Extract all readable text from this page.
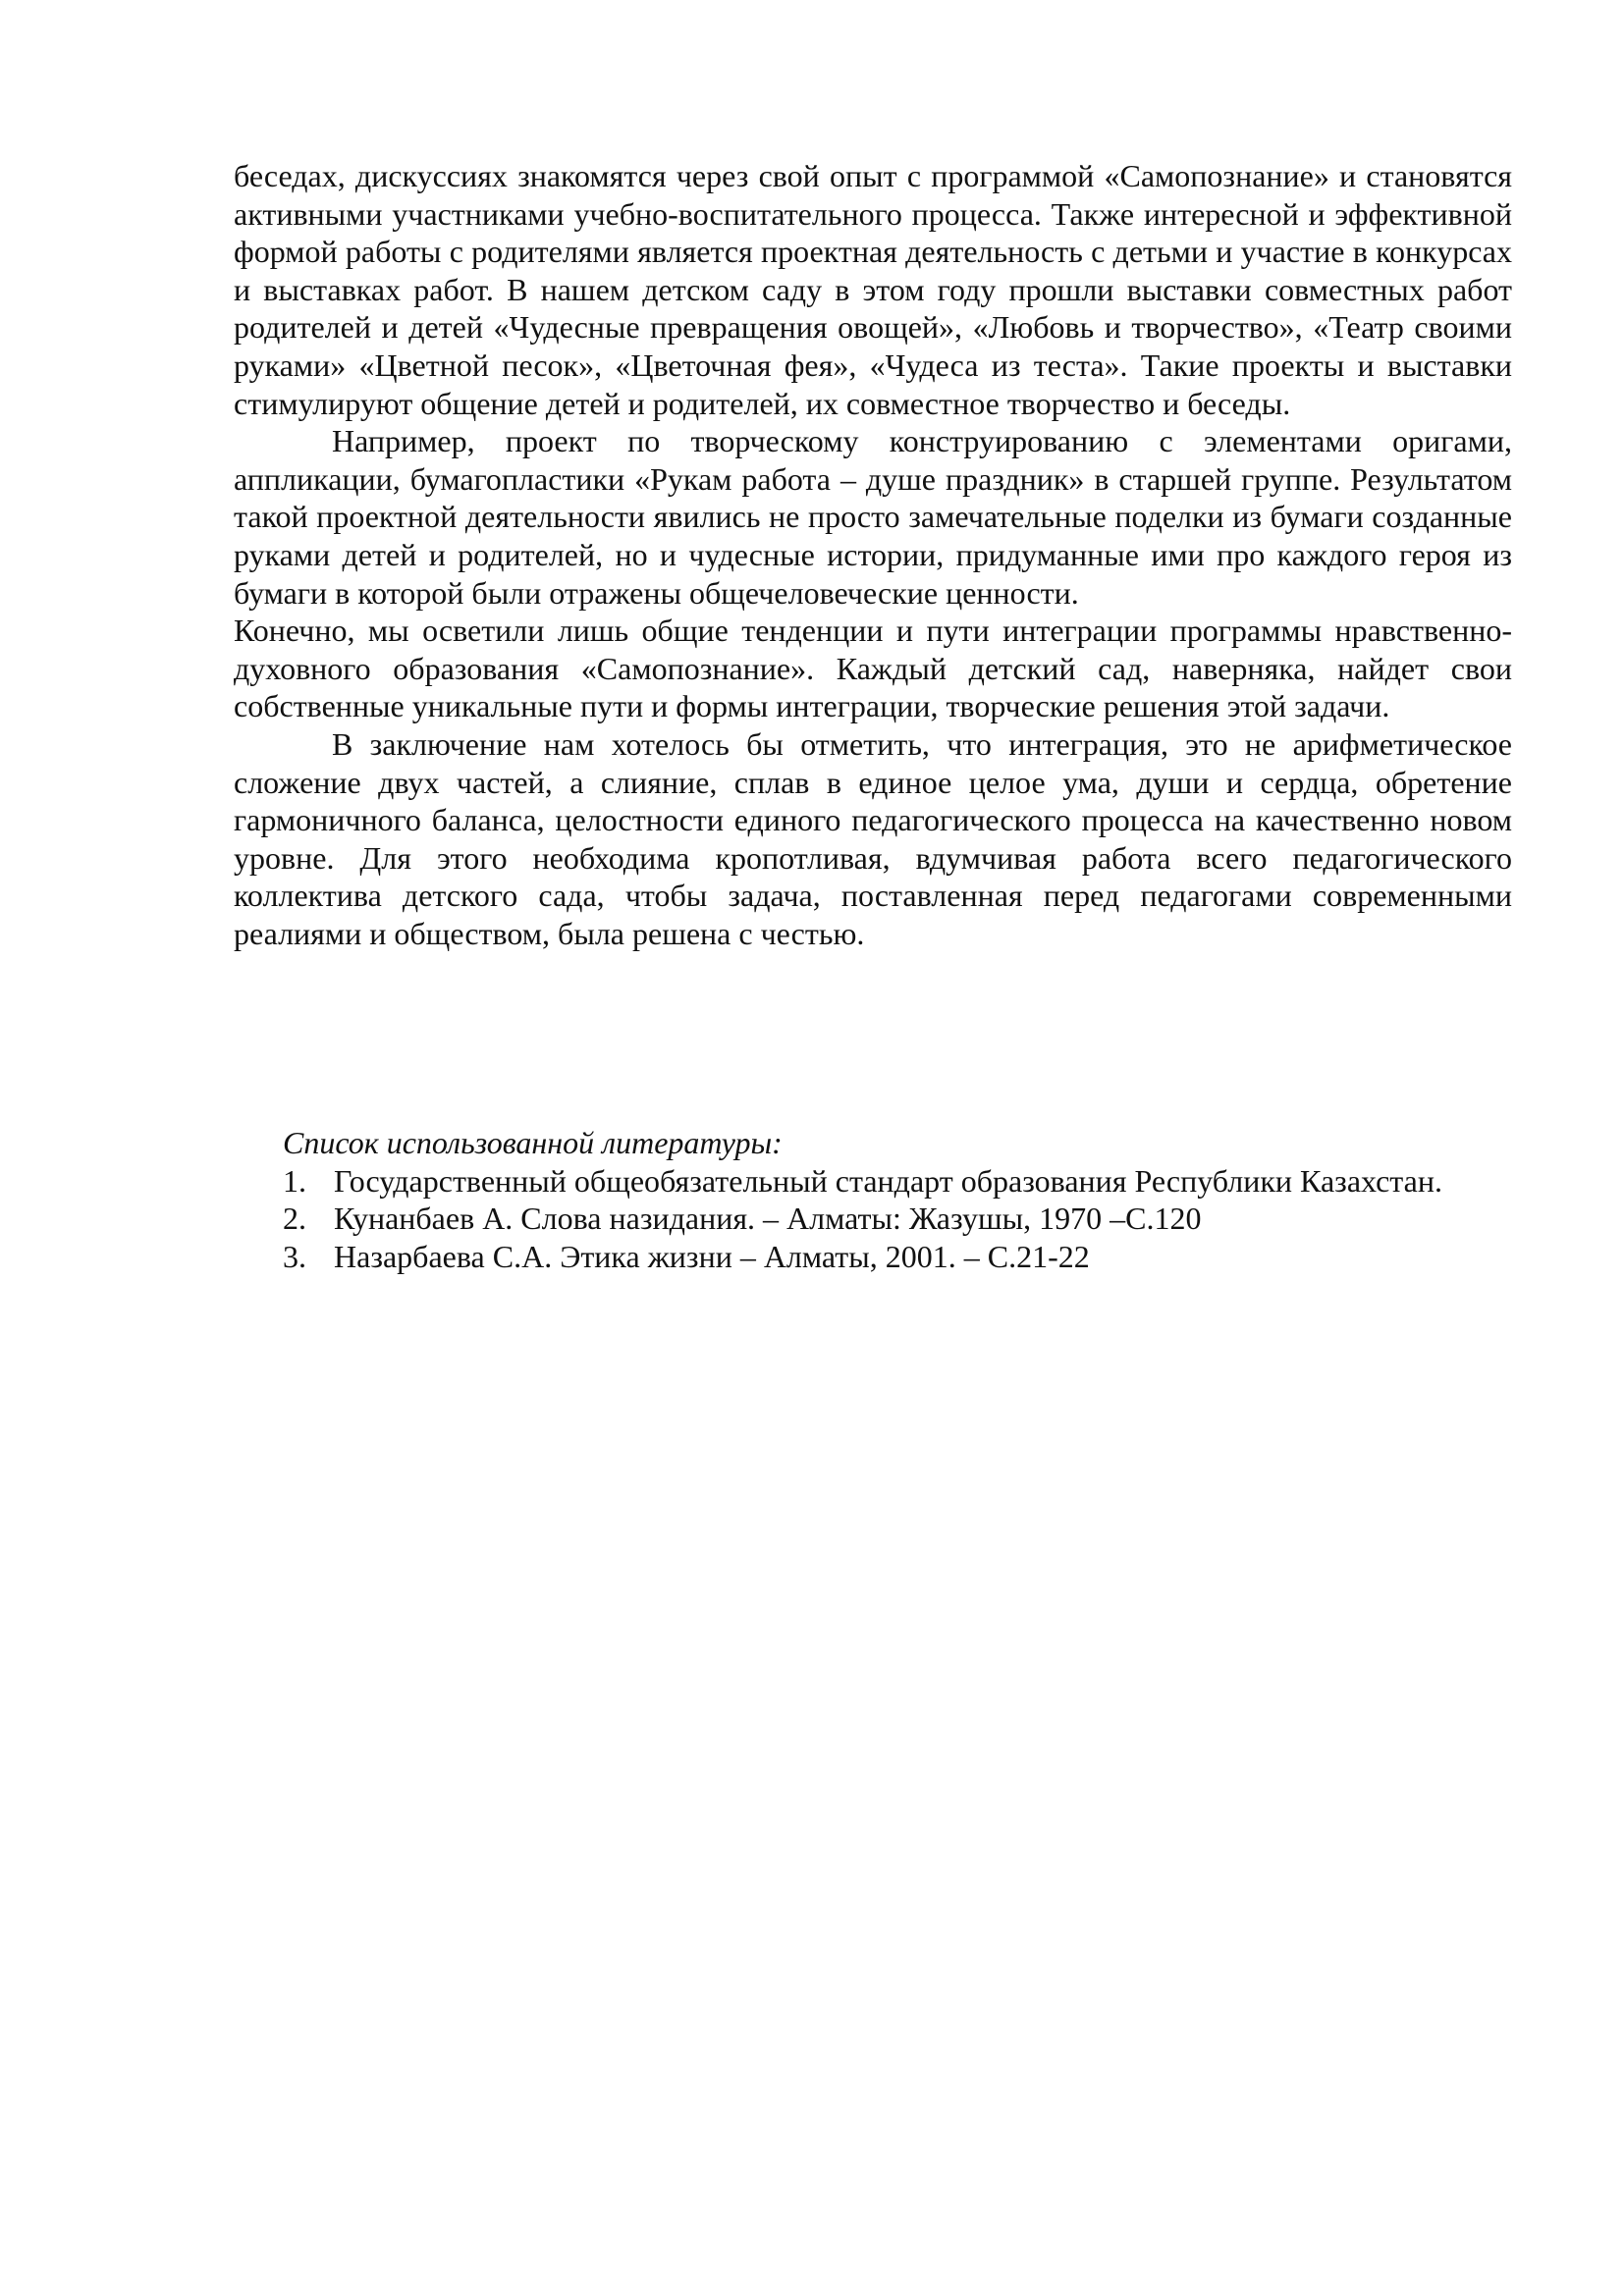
беседах, дискуссиях знакомятся через свой опыт с программой «Самопознание» и становятся активными участниками учебно-воспитательного процесса. Также интересной и эффективной формой работы с родителями является проектная деятельность с детьми и участие в конкурсах и выставках работ. В нашем детском саду в этом году прошли выставки совместных работ родителей и детей «Чудесные превращения овощей», «Любовь и творчество», «Театр своими руками» «Цветной песок», «Цветочная фея», «Чудеса из теста». Такие проекты и выставки стимулируют общение детей и родителей, их совместное творчество и беседы.

Например, проект по творческому конструированию с элементами оригами, аппликации, бумагопластики «Рукам работа – душе праздник» в старшей группе. Результатом такой проектной деятельности явились не просто замечательные поделки из бумаги созданные руками детей и родителей, но и чудесные истории, придуманные ими про каждого героя из бумаги в которой были отражены общечеловеческие ценности.

Конечно, мы осветили лишь общие тенденции и пути интеграции программы нравственно-духовного образования «Самопознание». Каждый детский сад, наверняка, найдет свои собственные уникальные пути и формы интеграции, творческие решения этой задачи.

В заключение нам хотелось бы отметить, что интеграция, это не арифметическое сложение двух частей, а слияние, сплав в единое целое ума, души и сердца, обретение гармоничного баланса, целостности единого педагогического процесса на качественно новом уровне. Для этого необходима кропотливая, вдумчивая работа всего педагогического коллектива детского сада, чтобы задача, поставленная перед педагогами современными реалиями и обществом, была решена с честью.

Список использованной литературы:

1. Государственный общеобязательный стандарт образования Республики Казахстан.
2. Кунанбаев А. Слова назидания. – Алматы: Жазушы, 1970 –С.120
3. Назарбаева С.А. Этика жизни – Алматы, 2001. – С.21-22
